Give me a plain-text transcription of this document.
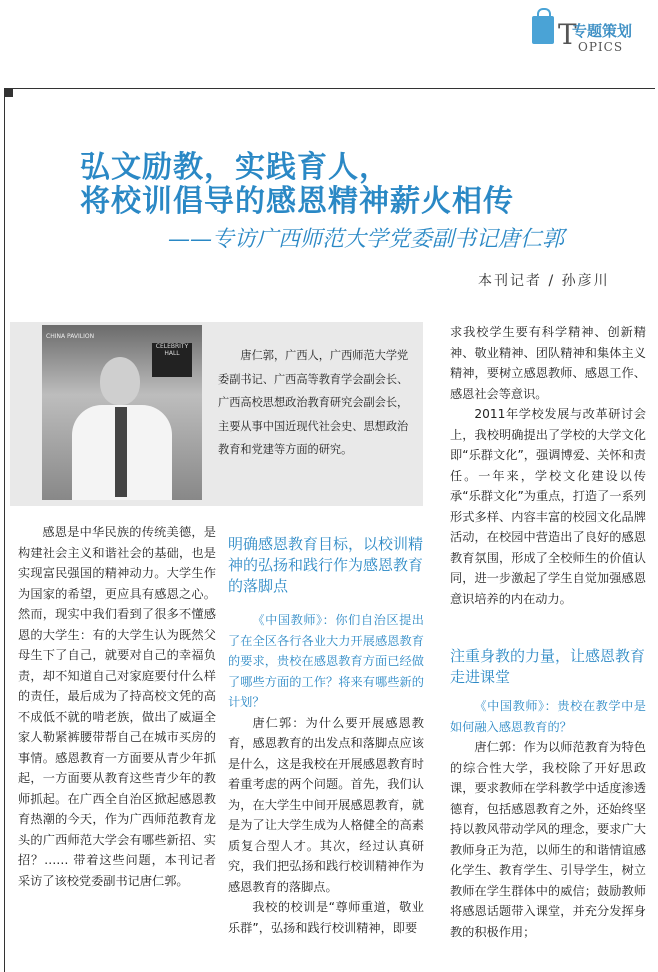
T
专题策划
OPICS
弘文励教，实践育人，
将校训倡导的感恩精神薪火相传
——专访广西师范大学党委副书记唐仁郭
本刊记者 / 孙彦川
CHINA PAVILION
CELEBRITY HALL	唐仁郭，广西人，广西师范大学党委副书记、广西高等教育学会副会长、广西高校思想政治教育研究会副会长，主要从事中国近现代社会史、思想政治教育和党建等方面的研究。

感恩是中华民族的传统美德，是构建社会主义和谐社会的基础，也是实现富民强国的精神动力。大学生作为国家的希望，更应具有感恩之心。然而，现实中我们看到了很多不懂感恩的大学生：有的大学生认为既然父母生下了自己，就要对自己的幸福负责，却不知道自己对家庭要付什么样的责任，最后成为了持高校文凭的高不成低不就的啃老族，做出了威逼全家人勒紧裤腰带帮自己在城市买房的事情。感恩教育一方面要从青少年抓起，一方面要从教育这些青少年的教师抓起。在广西全自治区掀起感恩教育热潮的今天，作为广西师范教育龙头的广西师范大学会有哪些新招、实招？…… 带着这些问题，本刊记者采访了该校党委副书记唐仁郭。

明确感恩教育目标，以校训精神的弘扬和践行作为感恩教育的落脚点

《中国教师》：你们自治区提出了在全区各行各业大力开展感恩教育的要求，贵校在感恩教育方面已经做了哪些方面的工作？将来有哪些新的计划？

唐仁郭：为什么要开展感恩教育，感恩教育的出发点和落脚点应该是什么，这是我校在开展感恩教育时着重考虑的两个问题。首先，我们认为，在大学生中间开展感恩教育，就是为了让大学生成为人格健全的高素质复合型人才。其次，经过认真研究，我们把弘扬和践行校训精神作为感恩教育的落脚点。

我校的校训是“尊师重道，敬业乐群”，弘扬和践行校训精神，即要

求我校学生要有科学精神、创新精神、敬业精神、团队精神和集体主义精神，要树立感恩教师、感恩工作、感恩社会等意识。

2011年学校发展与改革研讨会上，我校明确提出了学校的大学文化即“乐群文化”，强调博爱、关怀和责任。一年来，学校文化建设以传承“乐群文化”为重点，打造了一系列形式多样、内容丰富的校园文化品牌活动，在校园中营造出了良好的感恩教育氛围，形成了全校师生的价值认同，进一步激起了学生自觉加强感恩意识培养的内在动力。

注重身教的力量，让感恩教育走进课堂

《中国教师》：贵校在教学中是如何融入感恩教育的？

唐仁郭：作为以师范教育为特色的综合性大学，我校除了开好思政课，要求教师在学科教学中适度渗透德育，包括感恩教育之外，还始终坚持以教风带动学风的理念，要求广大教师身正为范，以师生的和谐情谊感化学生、教育学生、引导学生，树立教师在学生群体中的威信；鼓励教师将感恩话题带入课堂，并充分发挥身教的积极作用；
